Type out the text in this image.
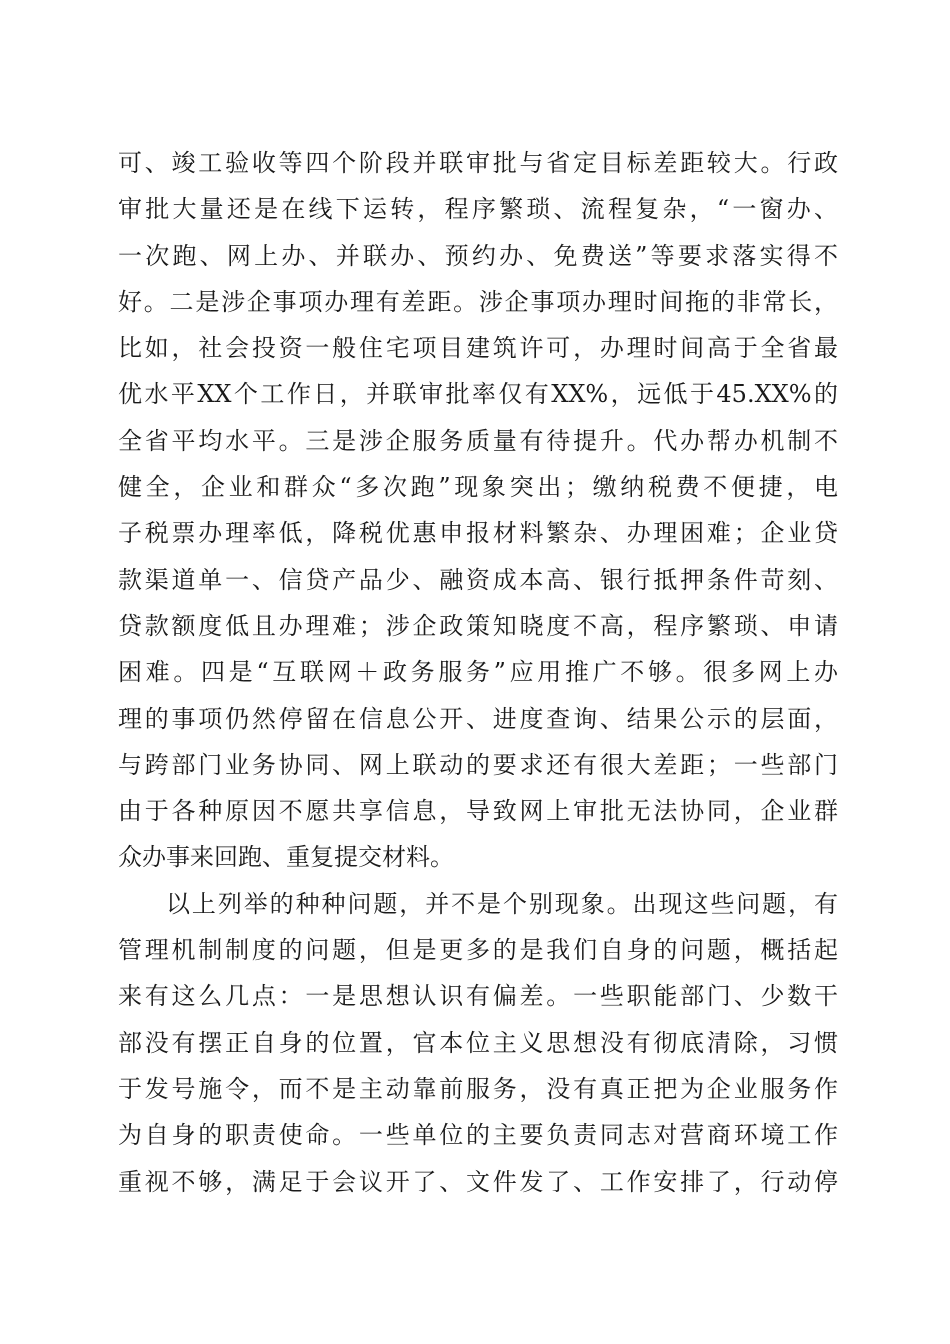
可、竣工验收等四个阶段并联审批与省定目标差距较大。行政
审批大量还是在线下运转，程序繁琐、流程复杂，“一窗办、
一次跑、网上办、并联办、预约办、免费送”等要求落实得不
好。二是涉企事项办理有差距。涉企事项办理时间拖的非常长，
比如，社会投资一般住宅项目建筑许可，办理时间高于全省最
优水平XX个工作日，并联审批率仅有XX%，远低于45.XX%的
全省平均水平。三是涉企服务质量有待提升。代办帮办机制不
健全，企业和群众“多次跑”现象突出；缴纳税费不便捷，电
子税票办理率低，降税优惠申报材料繁杂、办理困难；企业贷
款渠道单一、信贷产品少、融资成本高、银行抵押条件苛刻、
贷款额度低且办理难；涉企政策知晓度不高，程序繁琐、申请
困难。四是“互联网＋政务服务”应用推广不够。很多网上办
理的事项仍然停留在信息公开、进度查询、结果公示的层面，
与跨部门业务协同、网上联动的要求还有很大差距；一些部门
由于各种原因不愿共享信息，导致网上审批无法协同，企业群
众办事来回跑、重复提交材料。
以上列举的种种问题，并不是个别现象。出现这些问题，有
管理机制制度的问题，但是更多的是我们自身的问题，概括起
来有这么几点：一是思想认识有偏差。一些职能部门、少数干
部没有摆正自身的位置，官本位主义思想没有彻底清除，习惯
于发号施令，而不是主动靠前服务，没有真正把为企业服务作
为自身的职责使命。一些单位的主要负责同志对营商环境工作
重视不够，满足于会议开了、文件发了、工作安排了，行动停
